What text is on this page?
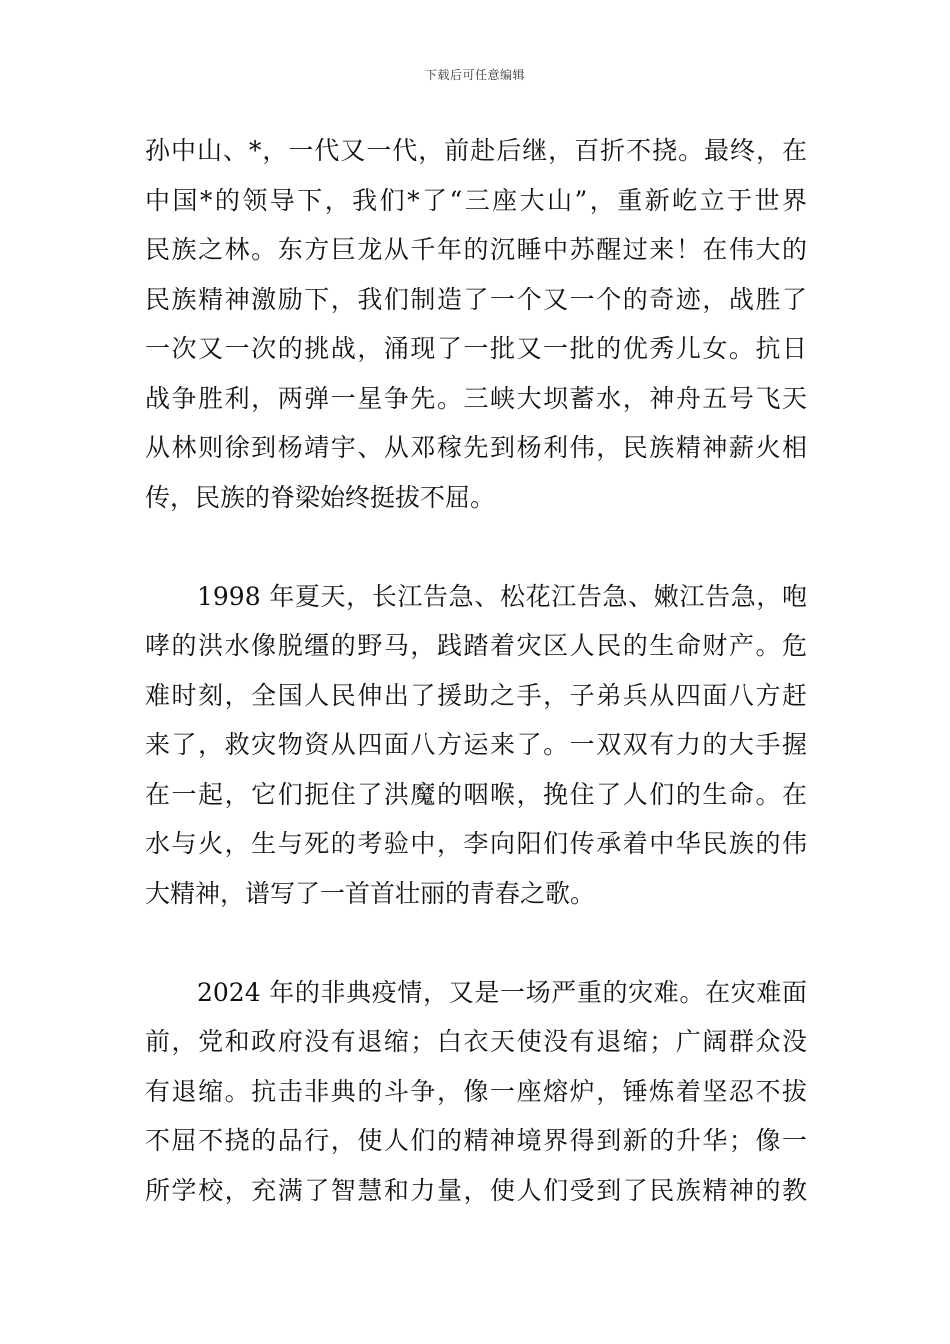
下载后可任意编辑
孙中山、*，一代又一代，前赴后继，百折不挠。最终，在
中国*的领导下，我们*了“三座大山”，重新屹立于世界
民族之林。东方巨龙从千年的沉睡中苏醒过来！在伟大的
民族精神激励下，我们制造了一个又一个的奇迹，战胜了
一次又一次的挑战，涌现了一批又一批的优秀儿女。抗日
战争胜利，两弹一星争先。三峡大坝蓄水，神舟五号飞天
从林则徐到杨靖宇、从邓稼先到杨利伟，民族精神薪火相
传，民族的脊梁始终挺拔不屈。
1998 年夏天，长江告急、松花江告急、嫩江告急，咆
哮的洪水像脱缰的野马，践踏着灾区人民的生命财产。危
难时刻，全国人民伸出了援助之手，子弟兵从四面八方赶
来了，救灾物资从四面八方运来了。一双双有力的大手握
在一起，它们扼住了洪魔的咽喉，挽住了人们的生命。在
水与火，生与死的考验中，李向阳们传承着中华民族的伟
大精神，谱写了一首首壮丽的青春之歌。
2024 年的非典疫情，又是一场严重的灾难。在灾难面
前，党和政府没有退缩；白衣天使没有退缩；广阔群众没
有退缩。抗击非典的斗争，像一座熔炉，锤炼着坚忍不拔
不屈不挠的品行，使人们的精神境界得到新的升华；像一
所学校，充满了智慧和力量，使人们受到了民族精神的教
